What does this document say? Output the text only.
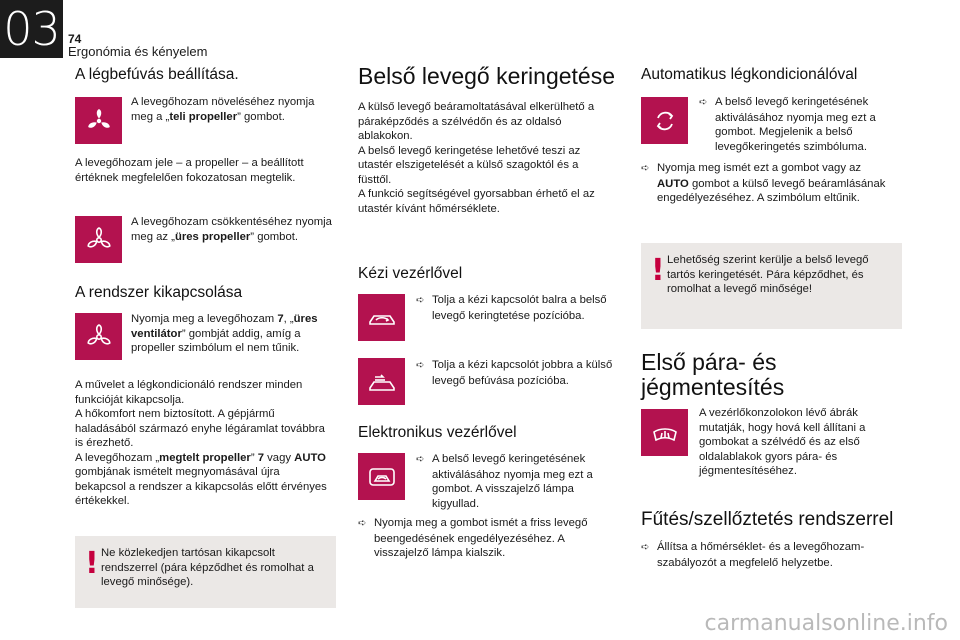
03 74
Ergonómia és kényelem
A légbefúvás beállítása.
A levegőhozam növeléséhez nyomja meg a „teli propeller” gombot.
A levegőhozam jele – a propeller – a beállított értéknek megfelelően fokozatosan megtelik.
A levegőhozam csökkentéséhez nyomja meg az „üres propeller” gombot.
A rendszer kikapcsolása
Nyomja meg a levegőhozam 7, „üres ventilátor” gombját addig, amíg a propeller szimbólum el nem tűnik.
A művelet a légkondicionáló rendszer minden funkcióját kikapcsolja.
A hőkomfort nem biztosított. A gépjármű haladásából származó enyhe légáramlat továbbra is érezhető.
A levegőhozam „megtelt propeller” 7 vagy AUTO gombjának ismételt megnyomásával újra bekapcsol a rendszer a kikapcsolás előtt érvényes értékekkel.
! Ne közlekedjen tartósan kikapcsolt rendszerrel (pára képződhet és romolhat a levegő minősége).
Belső levegő keringetése
A külső levegő beáramoltatásával elkerülhető a páraképződés a szélvédőn és az oldalsó ablakokon.
A belső levegő keringetése lehetővé teszi az utastér elszigetelését a külső szagoktól és a füsttől.
A funkció segítségével gyorsabban érhető el az utastér kívánt hőmérséklete.
Kézi vezérlővel
➪ Tolja a kézi kapcsolót balra a belső levegő keringtetése pozícióba.
➪ Tolja a kézi kapcsolót jobbra a külső levegő befúvása pozícióba.
Elektronikus vezérlővel
➪ A belső levegő keringetésének aktiválásához nyomja meg ezt a gombot. A visszajelző lámpa kigyullad.
➪ Nyomja meg a gombot ismét a friss levegő beengedésének engedélyezéséhez. A visszajelző lámpa kialszik.
Automatikus légkondicionálóval
➪ A belső levegő keringetésének aktiválásához nyomja meg ezt a gombot. Megjelenik a belső levegőkeringetés szimbóluma.
➪ Nyomja meg ismét ezt a gombot vagy az AUTO gombot a külső levegő beáramlásának engedélyezéséhez. A szimbólum eltűnik.
! Lehetőség szerint kerülje a belső levegő tartós keringetését. Pára képződhet, és romolhat a levegő minősége!
Első pára- és
jégmentesítés
A vezérlőkonzolokon lévő ábrák mutatják, hogy hová kell állítani a gombokat a szélvédő és az első oldalablakok gyors pára- és jégmentesítéséhez.
Fűtés/szellőztetés rendszerrel
➪ Állítsa a hőmérséklet- és a levegőhozam-szabályozót a megfelelő helyzetbe.
carmanualsonline.info
